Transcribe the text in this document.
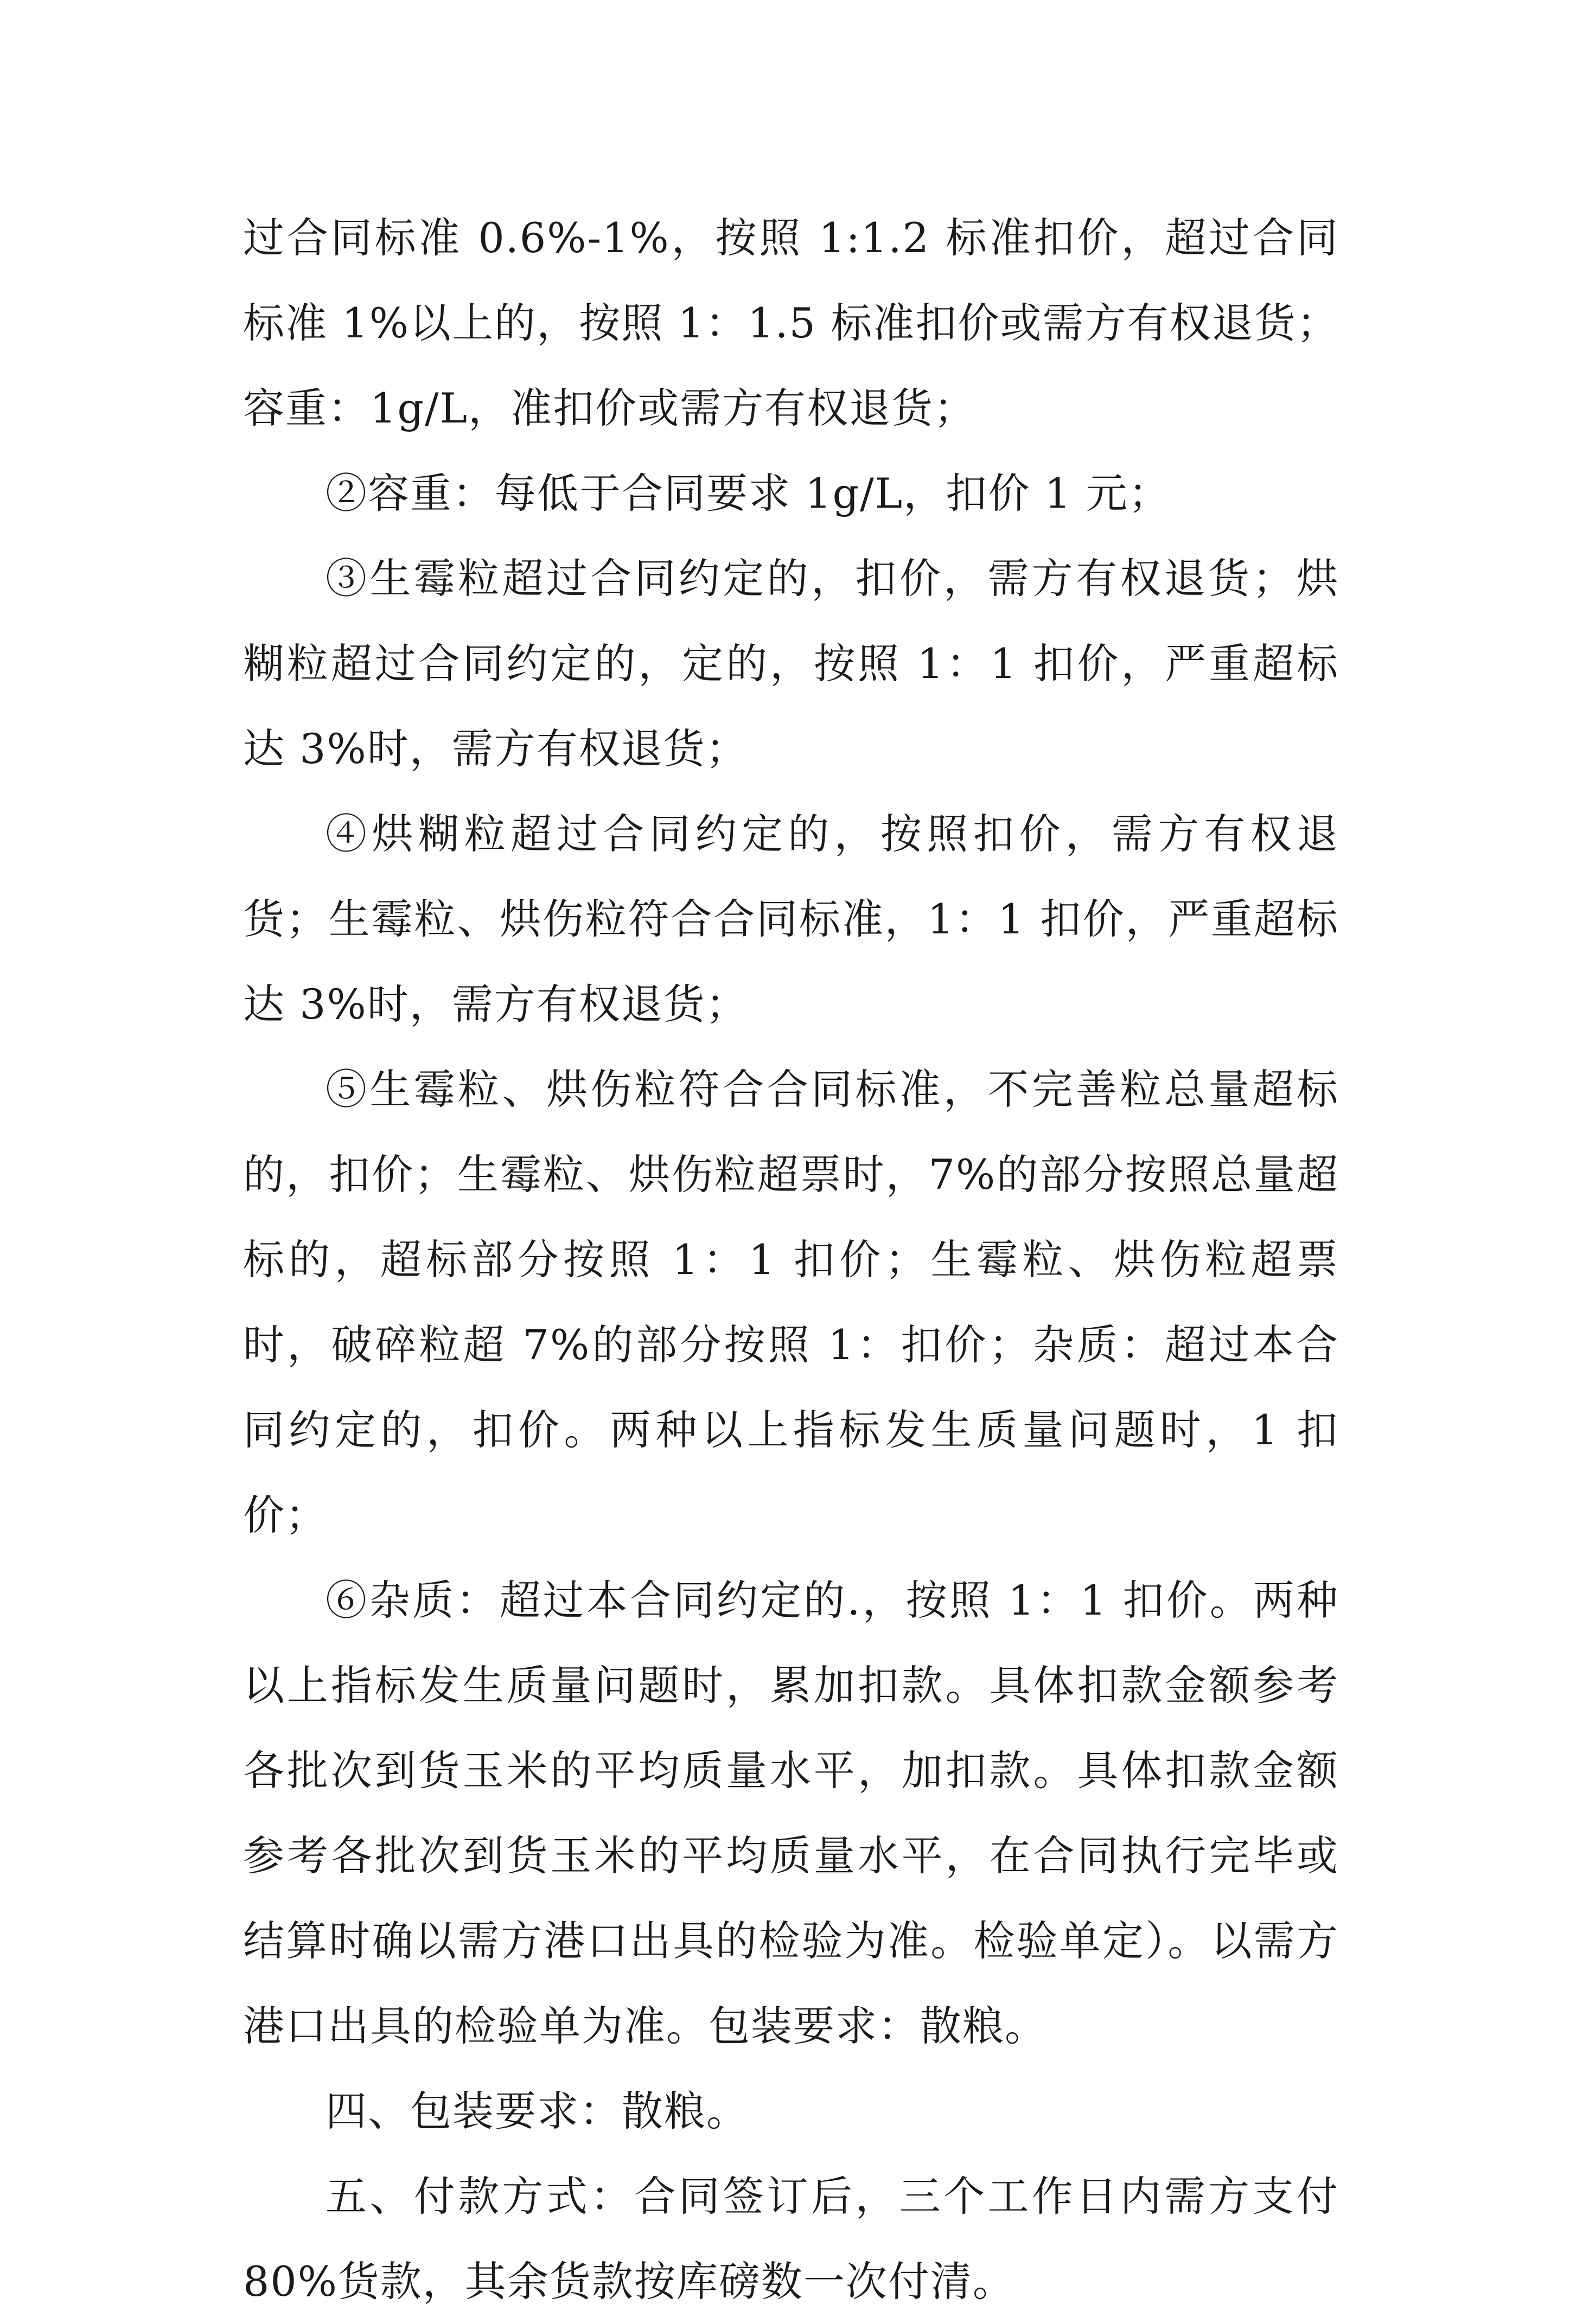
过合同标准 0.6%-1%，按照 1:1.2 标准扣价，超过合同标准 1%以上的，按照 1：1.5 标准扣价或需方有权退货；容重：1g/L，准扣价或需方有权退货；

②容重：每低于合同要求 1g/L，扣价 1 元；

③生霉粒超过合同约定的，扣价，需方有权退货；烘糊粒超过合同约定的，定的，按照 1：1 扣价，严重超标达 3%时，需方有权退货；

④烘糊粒超过合同约定的，按照扣价，需方有权退货；生霉粒、烘伤粒符合合同标准，1：1 扣价，严重超标达 3%时，需方有权退货；

⑤生霉粒、烘伤粒符合合同标准，不完善粒总量超标的，扣价；生霉粒、烘伤粒超票时，7%的部分按照总量超标的，超标部分按照 1：1 扣价；生霉粒、烘伤粒超票时，破碎粒超 7%的部分按照 1：扣价；杂质：超过本合同约定的，扣价。两种以上指标发生质量问题时，1 扣价；

⑥杂质：超过本合同约定的.，按照 1：1 扣价。两种以上指标发生质量问题时，累加扣款。具体扣款金额参考各批次到货玉米的平均质量水平，加扣款。具体扣款金额参考各批次到货玉米的平均质量水平，在合同执行完毕或结算时确以需方港口出具的检验为准。检验单定）。以需方港口出具的检验单为准。包装要求：散粮。

四、包装要求：散粮。

五、付款方式：合同签订后，三个工作日内需方支付 80%货款，其余货款按库磅数一次付清。
